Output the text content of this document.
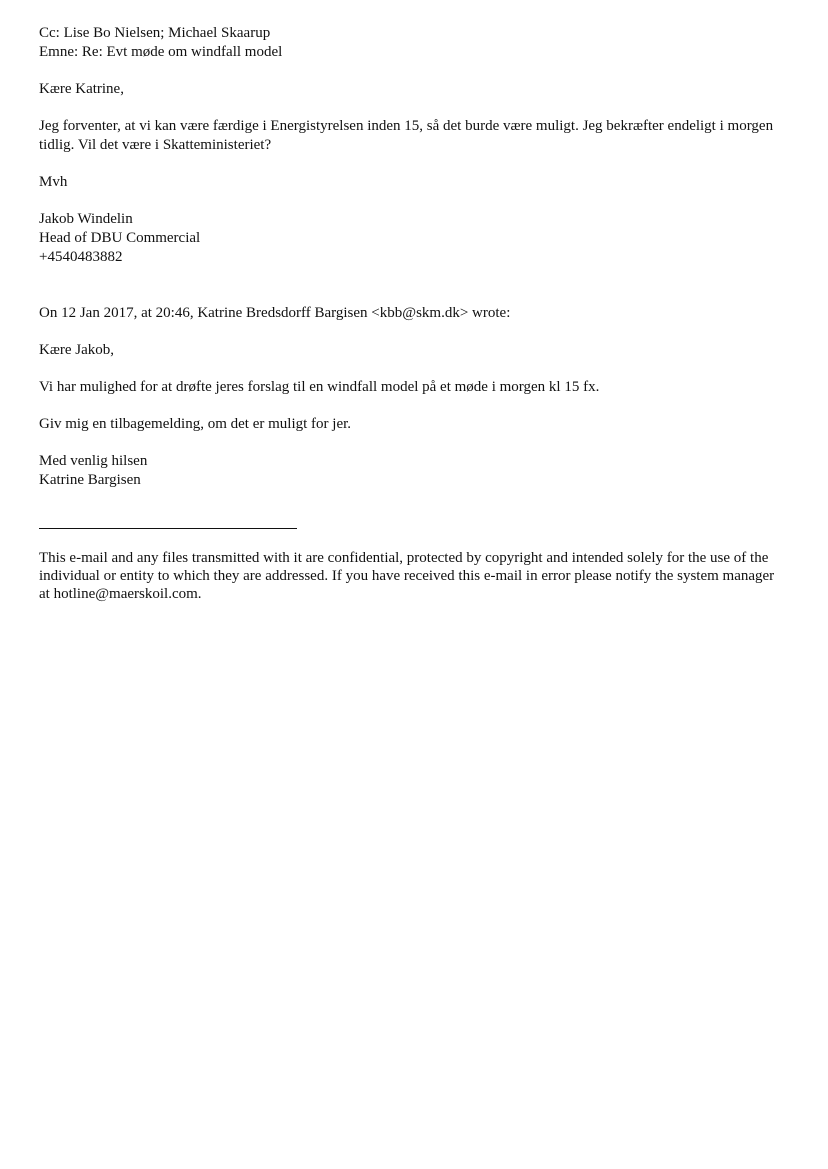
Cc: Lise Bo Nielsen; Michael Skaarup

Emne: Re: Evt møde om windfall model

Kære Katrine,

Jeg forventer, at vi kan være færdige i Energistyrelsen inden 15, så det burde være muligt. Jeg bekræfter endeligt i morgen tidlig. Vil det være i Skatteministeriet?

Mvh

Jakob Windelin

Head of DBU Commercial

+4540483882

On 12 Jan 2017, at 20:46, Katrine Bredsdorff Bargisen <kbb@skm.dk> wrote:

Kære Jakob,

Vi har mulighed for at drøfte jeres forslag til en windfall model på et møde i morgen kl 15 fx.

Giv mig en tilbagemelding, om det er muligt for jer.

Med venlig hilsen

Katrine Bargisen

This e-mail and any files transmitted with it are confidential, protected by copyright and intended solely for the use of the individual or entity to which they are addressed. If you have received this e-mail in error please notify the system manager at hotline@maerskoil.com.
